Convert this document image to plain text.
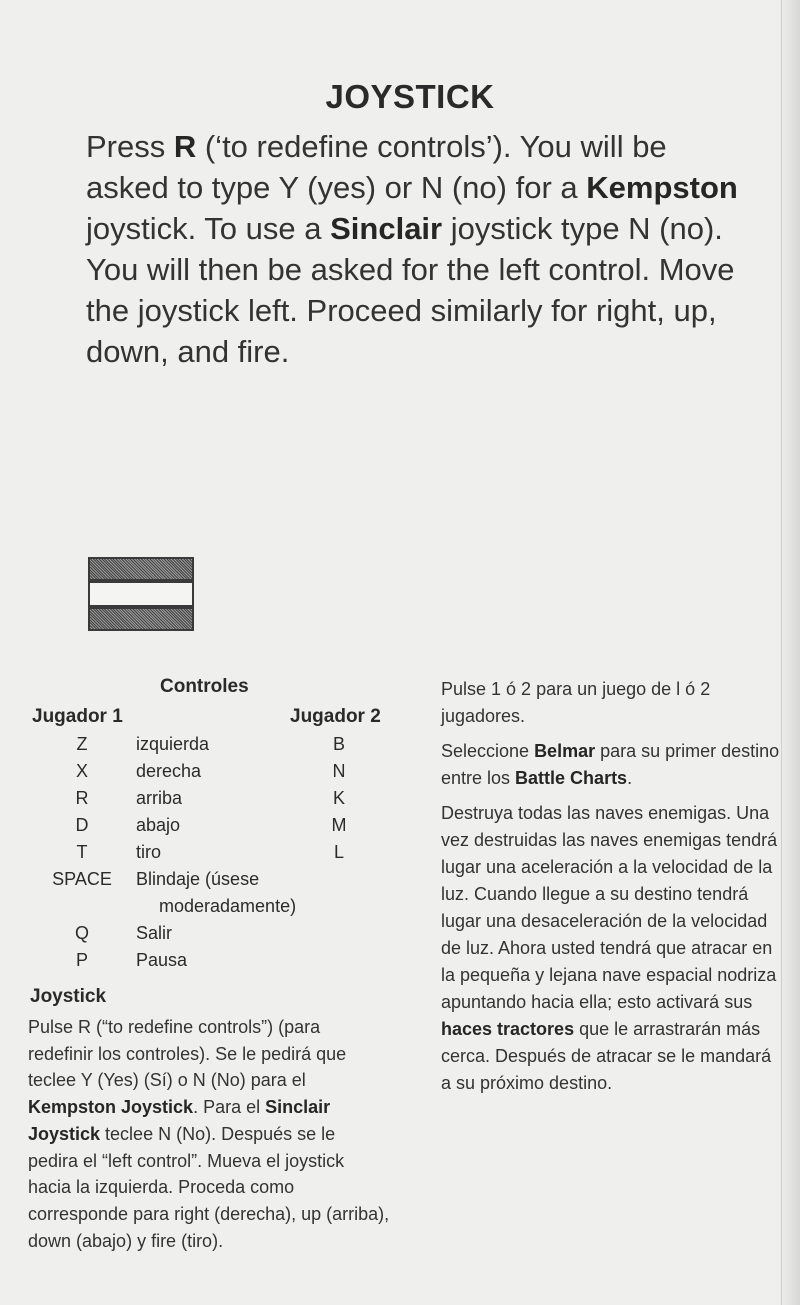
JOYSTICK

Press R (‘to redefine controls’). You will be asked to type Y (yes) or N (no) for a Kempston joystick. To use a Sinclair joystick type N (no). You will then be asked for the left control. Move the joystick left. Proceed similarly for right, up, down, and fire.

Controles
Jugador 1	Jugador 2
Z	izquierda	B
X	derecha	N
R	arriba	K
D	abajo	M
T	tiro	L
SPACE	Blindaje (úsese
moderadamente)
Q	Salir
P	Pausa
Joystick

Pulse R (“to redefine controls”) (para redefinir los controles). Se le pedirá que teclee Y (Yes) (Sí) o N (No) para el Kempston Joystick. Para el Sinclair Joystick teclee N (No). Después se le pedira el “left control”. Mueva el joystick hacia la izquierda. Proceda como corresponde para right (derecha), up (arriba), down (abajo) y fire (tiro).

Pulse 1 ó 2 para un juego de l ó 2 jugadores.

Seleccione Belmar para su primer destino entre los Battle Charts.

Destruya todas las naves enemigas. Una vez destruidas las naves enemigas tendrá lugar una aceleración a la velocidad de la luz. Cuando llegue a su destino tendrá lugar una desaceleración de la velocidad de luz. Ahora usted tendrá que atracar en la pequeña y lejana nave espacial nodriza apuntando hacia ella; esto activará sus haces tractores que le arrastrarán más cerca. Después de atracar se le mandará a su próximo destino.
